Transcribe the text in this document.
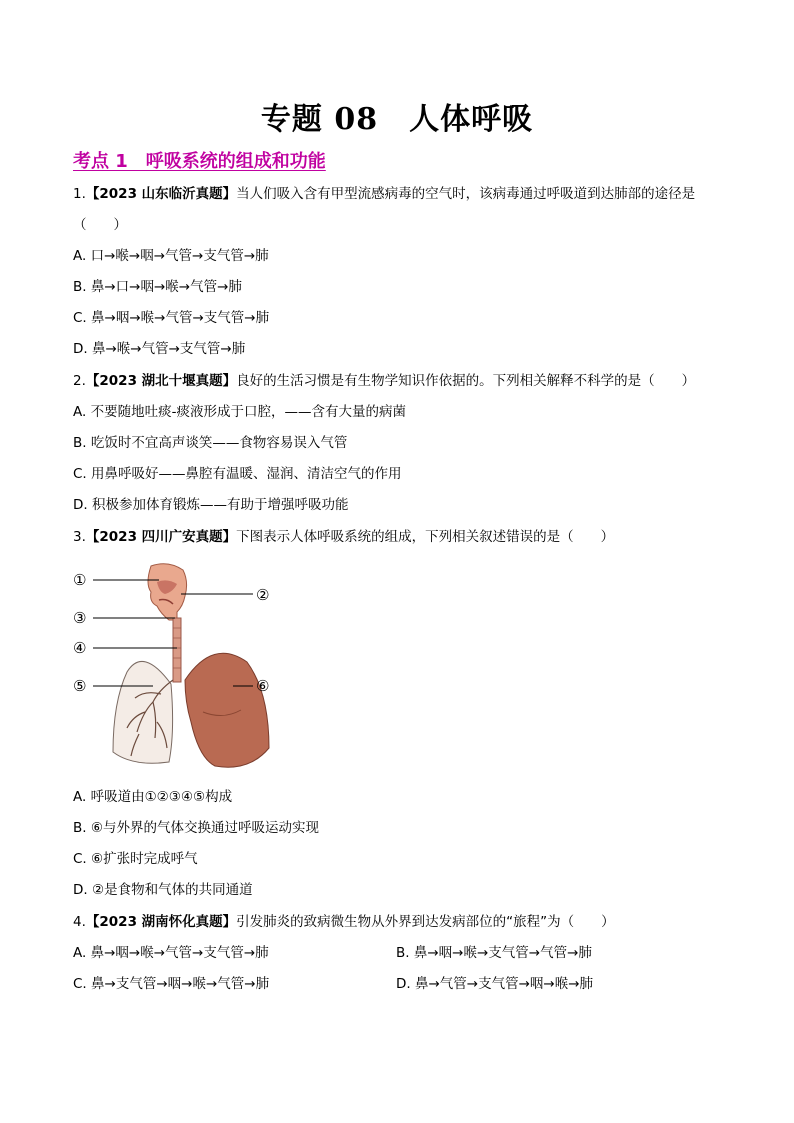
专题 08　人体呼吸
考点 1　呼吸系统的组成和功能
1.【2023 山东临沂真题】当人们吸入含有甲型流感病毒的空气时，该病毒通过呼吸道到达肺部的途径是
（　　）
A. 口→喉→咽→气管→支气管→肺
B. 鼻→口→咽→喉→气管→肺
C. 鼻→咽→喉→气管→支气管→肺
D. 鼻→喉→气管→支气管→肺
2.【2023 湖北十堰真题】良好的生活习惯是有生物学知识作依据的。下列相关解释不科学的是（　　）
A. 不要随地吐痰-痰液形成于口腔，——含有大量的病菌
B. 吃饭时不宜高声谈笑——食物容易误入气管
C. 用鼻呼吸好——鼻腔有温暖、湿润、清洁空气的作用
D. 积极参加体育锻炼——有助于增强呼吸功能
3.【2023 四川广安真题】下图表示人体呼吸系统的组成，下列相关叙述错误的是（　　）
①
②
③
④
⑤	⑥
A. 呼吸道由①②③④⑤构成
B. ⑥与外界的气体交换通过呼吸运动实现
C. ⑥扩张时完成呼气
D. ②是食物和气体的共同通道
4.【2023 湖南怀化真题】引发肺炎的致病微生物从外界到达发病部位的“旅程”为（　　）
A. 鼻→咽→喉→气管→支气管→肺	B. 鼻→咽→喉→支气管→气管→肺
C. 鼻→支气管→咽→喉→气管→肺	D. 鼻→气管→支气管→咽→喉→肺
